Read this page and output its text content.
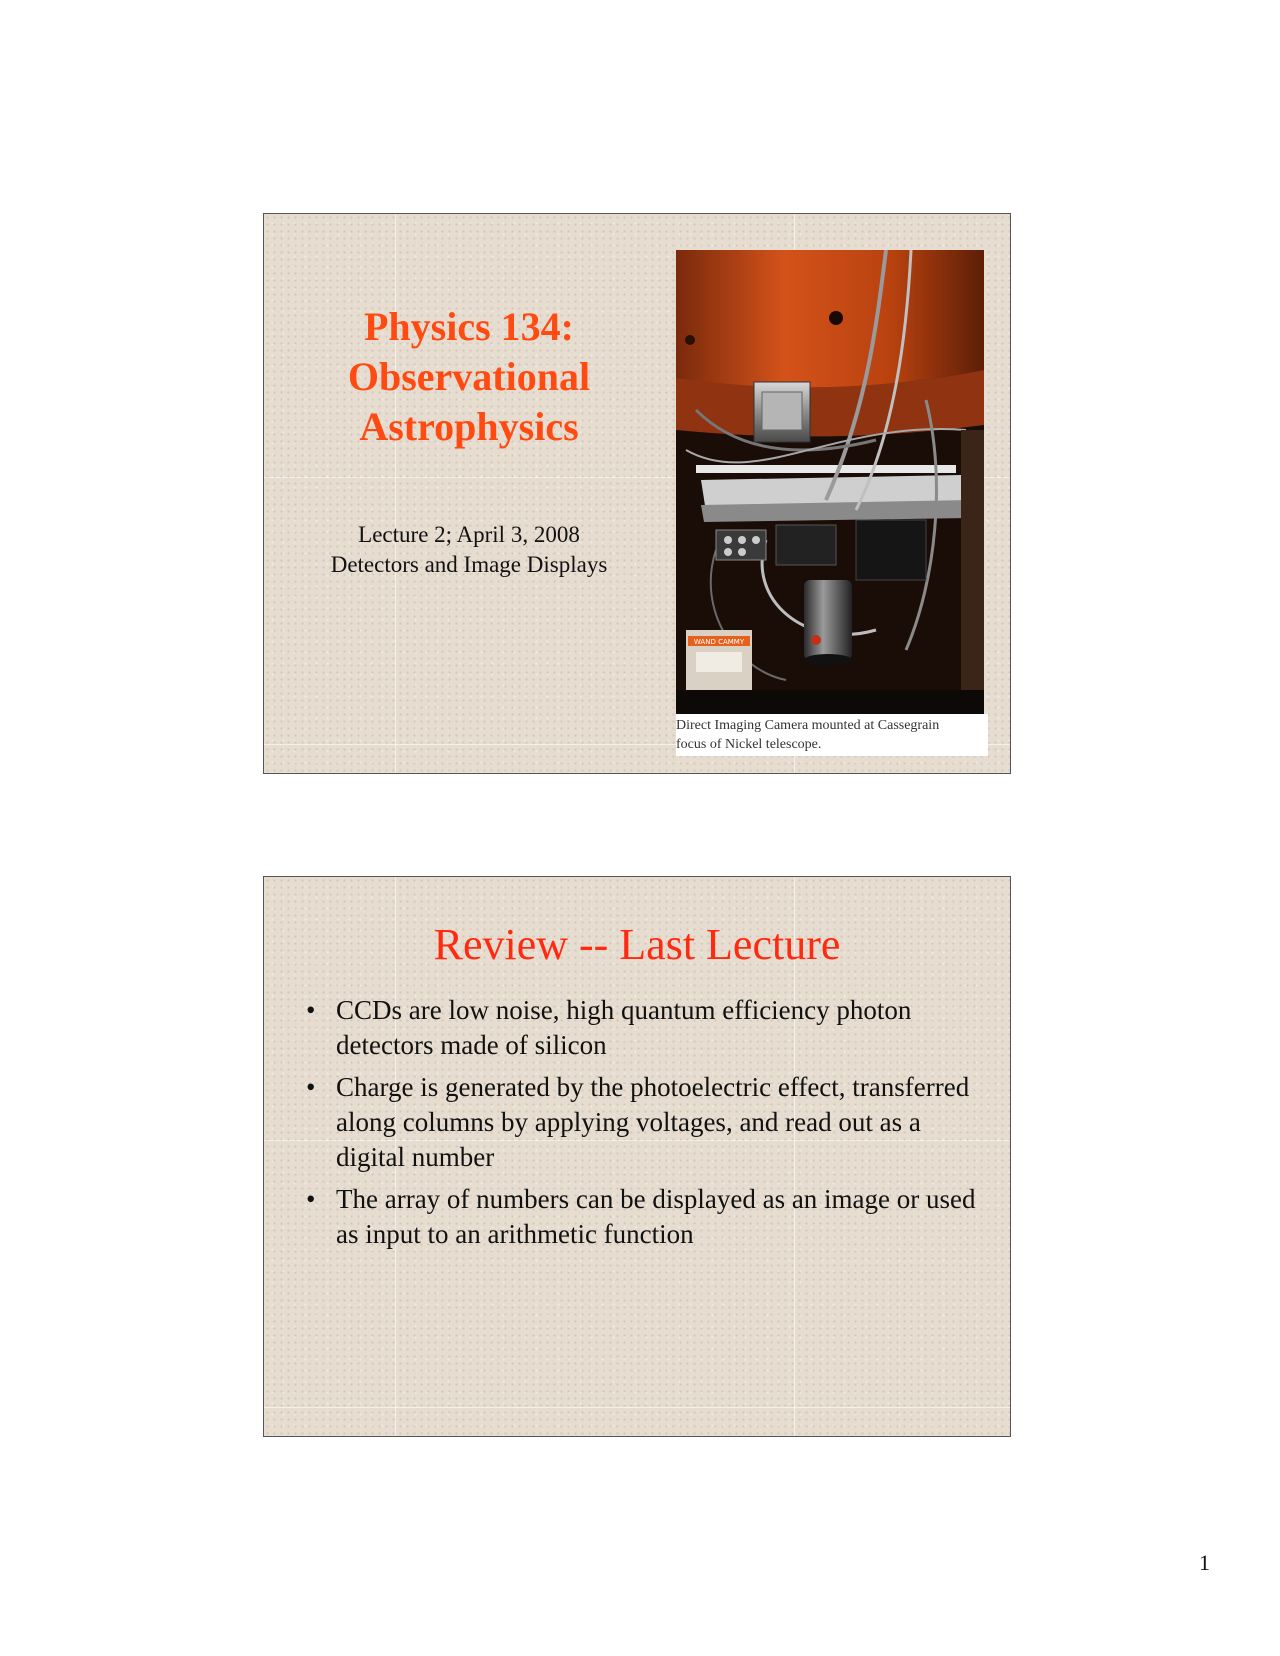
Physics 134:
Observational
Astrophysics
Lecture 2; April 3, 2008
Detectors and Image Displays
WAND CAMMY
Direct Imaging Camera mounted at Cassegrain
focus of Nickel telescope.
Review -- Last Lecture
• CCDs are low noise, high quantum efficiency photon detectors made of silicon
• Charge is generated by the photoelectric effect, transferred along columns by applying voltages, and read out as a digital number
• The array of numbers can be displayed as an image or used as input to an arithmetic function
1
